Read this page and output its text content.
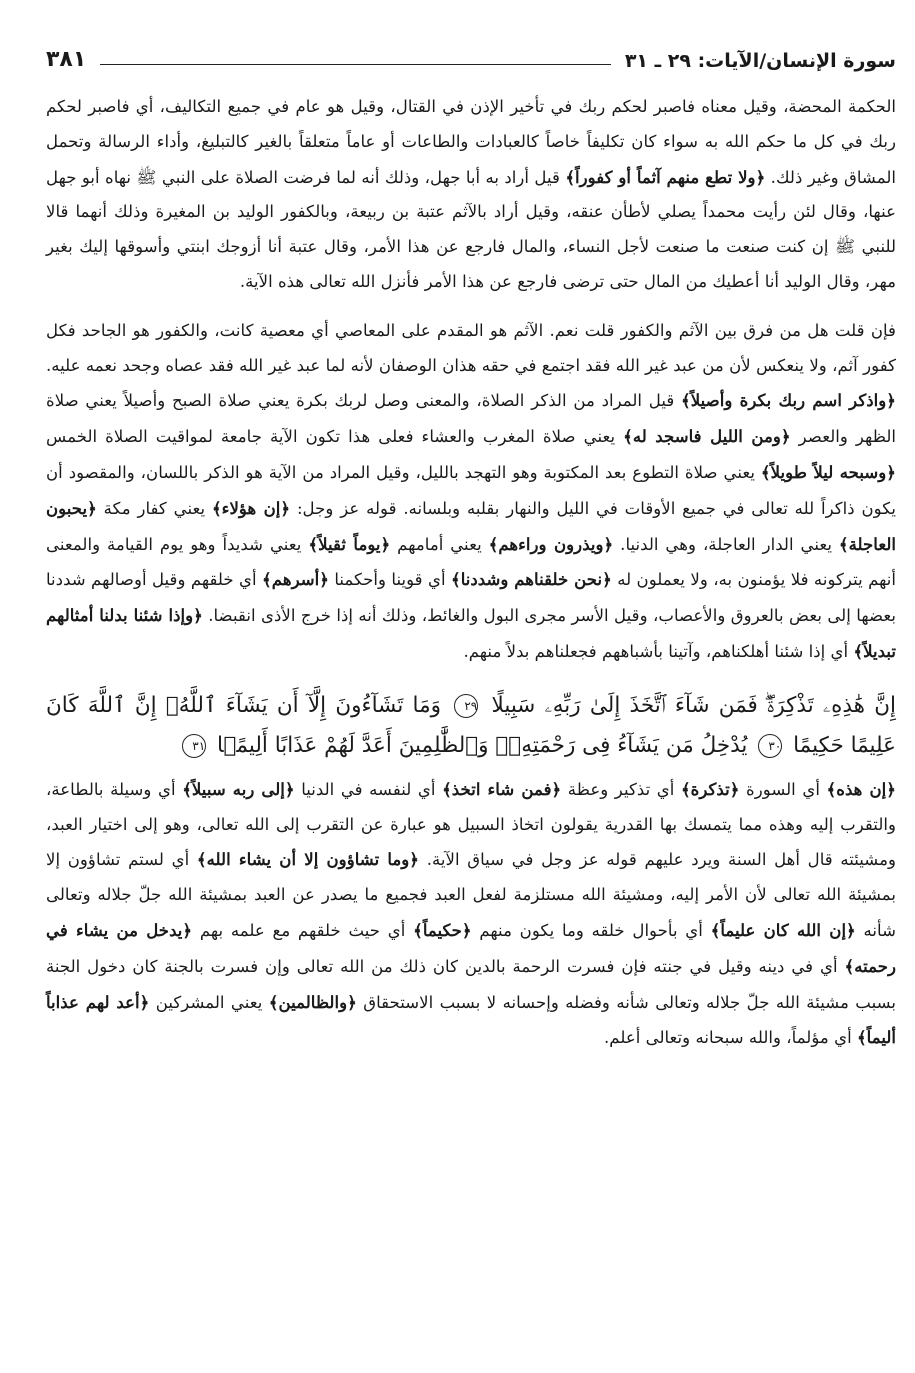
سورة الإنسان/الآيات: ٢٩ ـ ٣١
٣٨١

الحكمة المحضة، وقيل معناه فاصبر لحكم ربك في تأخير الإذن في القتال، وقيل هو عام في جميع التكاليف، أي فاصبر لحكم ربك في كل ما حكم الله به سواء كان تكليفاً خاصاً كالعبادات والطاعات أو عاماً متعلقاً بالغير كالتبليغ، وأداء الرسالة وتحمل المشاق وغير ذلك. ﴿ولا تطع منهم آثماً أو كفوراً﴾ قيل أراد به أبا جهل، وذلك أنه لما فرضت الصلاة على النبي ﷺ نهاه أبو جهل عنها، وقال لئن رأيت محمداً يصلي لأطأن عنقه، وقيل أراد بالآثم عتبة بن ربيعة، وبالكفور الوليد بن المغيرة وذلك أنهما قالا للنبي ﷺ إن كنت صنعت ما صنعت لأجل النساء، والمال فارجع عن هذا الأمر، وقال عتبة أنا أزوجك ابنتي وأسوقها إليك بغير مهر، وقال الوليد أنا أعطيك من المال حتى ترضى فارجع عن هذا الأمر فأنزل الله تعالى هذه الآية.

فإن قلت هل من فرق بين الآثم والكفور قلت نعم. الآثم هو المقدم على المعاصي أي معصية كانت، والكفور هو الجاحد فكل كفور آثم، ولا ينعكس لأن من عبد غير الله فقد اجتمع في حقه هذان الوصفان لأنه لما عبد غير الله فقد عصاه وجحد نعمه عليه. ﴿واذكر اسم ربك بكرة وأصيلاً﴾ قيل المراد من الذكر الصلاة، والمعنى وصل لربك بكرة يعني صلاة الصبح وأصيلاً يعني صلاة الظهر والعصر ﴿ومن الليل فاسجد له﴾ يعني صلاة المغرب والعشاء فعلى هذا تكون الآية جامعة لمواقيت الصلاة الخمس ﴿وسبحه ليلاً طويلاً﴾ يعني صلاة التطوع بعد المكتوبة وهو التهجد بالليل، وقيل المراد من الآية هو الذكر باللسان، والمقصود أن يكون ذاكراً لله تعالى في جميع الأوقات في الليل والنهار بقلبه وبلسانه. قوله عز وجل: ﴿إن هؤلاء﴾ يعني كفار مكة ﴿يحبون العاجلة﴾ يعني الدار العاجلة، وهي الدنيا. ﴿ويذرون وراءهم﴾ يعني أمامهم ﴿يوماً ثقيلاً﴾ يعني شديداً وهو يوم القيامة والمعنى أنهم يتركونه فلا يؤمنون به، ولا يعملون له ﴿نحن خلقناهم وشددنا﴾ أي قوينا وأحكمنا ﴿أسرهم﴾ أي خلقهم وقيل أوصالهم شددنا بعضها إلى بعض بالعروق والأعصاب، وقيل الأسر مجرى البول والغائط، وذلك أنه إذا خرج الأذى انقبضا. ﴿وإذا شئنا بدلنا أمثالهم تبديلاً﴾ أي إذا شئنا أهلكناهم، وآتينا بأشباههم فجعلناهم بدلاً منهم.

إِنَّ هَٰذِهِۦ تَذْكِرَةٌۖ فَمَن شَآءَ ٱتَّخَذَ إِلَىٰ رَبِّهِۦ سَبِيلًا ٢٩ وَمَا تَشَآءُونَ إِلَّآ أَن يَشَآءَ ٱللَّهُۚ إِنَّ ٱللَّهَ كَانَ عَلِيمًا حَكِيمًا ٣٠ يُدْخِلُ مَن يَشَآءُ فِى رَحْمَتِهِۦۚ وَٱلظَّٰلِمِينَ أَعَدَّ لَهُمْ عَذَابًا أَلِيمًۢا ٣١

﴿إن هذه﴾ أي السورة ﴿تذكرة﴾ أي تذكير وعظة ﴿فمن شاء اتخذ﴾ أي لنفسه في الدنيا ﴿إلى ربه سبيلاً﴾ أي وسيلة بالطاعة، والتقرب إليه وهذه مما يتمسك بها القدرية يقولون اتخاذ السبيل هو عبارة عن التقرب إلى الله تعالى، وهو إلى اختيار العبد، ومشيئته قال أهل السنة ويرد عليهم قوله عز وجل في سياق الآية. ﴿وما تشاؤون إلا أن يشاء الله﴾ أي لستم تشاؤون إلا بمشيئة الله تعالى لأن الأمر إليه، ومشيئة الله مستلزمة لفعل العبد فجميع ما يصدر عن العبد بمشيئة الله جلّ جلاله وتعالى شأنه ﴿إن الله كان عليماً﴾ أي بأحوال خلقه وما يكون منهم ﴿حكيماً﴾ أي حيث خلقهم مع علمه بهم ﴿يدخل من يشاء في رحمته﴾ أي في دينه وقيل في جنته فإن فسرت الرحمة بالدين كان ذلك من الله تعالى وإن فسرت بالجنة كان دخول الجنة بسبب مشيئة الله جلّ جلاله وتعالى شأنه وفضله وإحسانه لا بسبب الاستحقاق ﴿والظالمين﴾ يعني المشركين ﴿أعد لهم عذاباً أليماً﴾ أي مؤلماً، والله سبحانه وتعالى أعلم.
